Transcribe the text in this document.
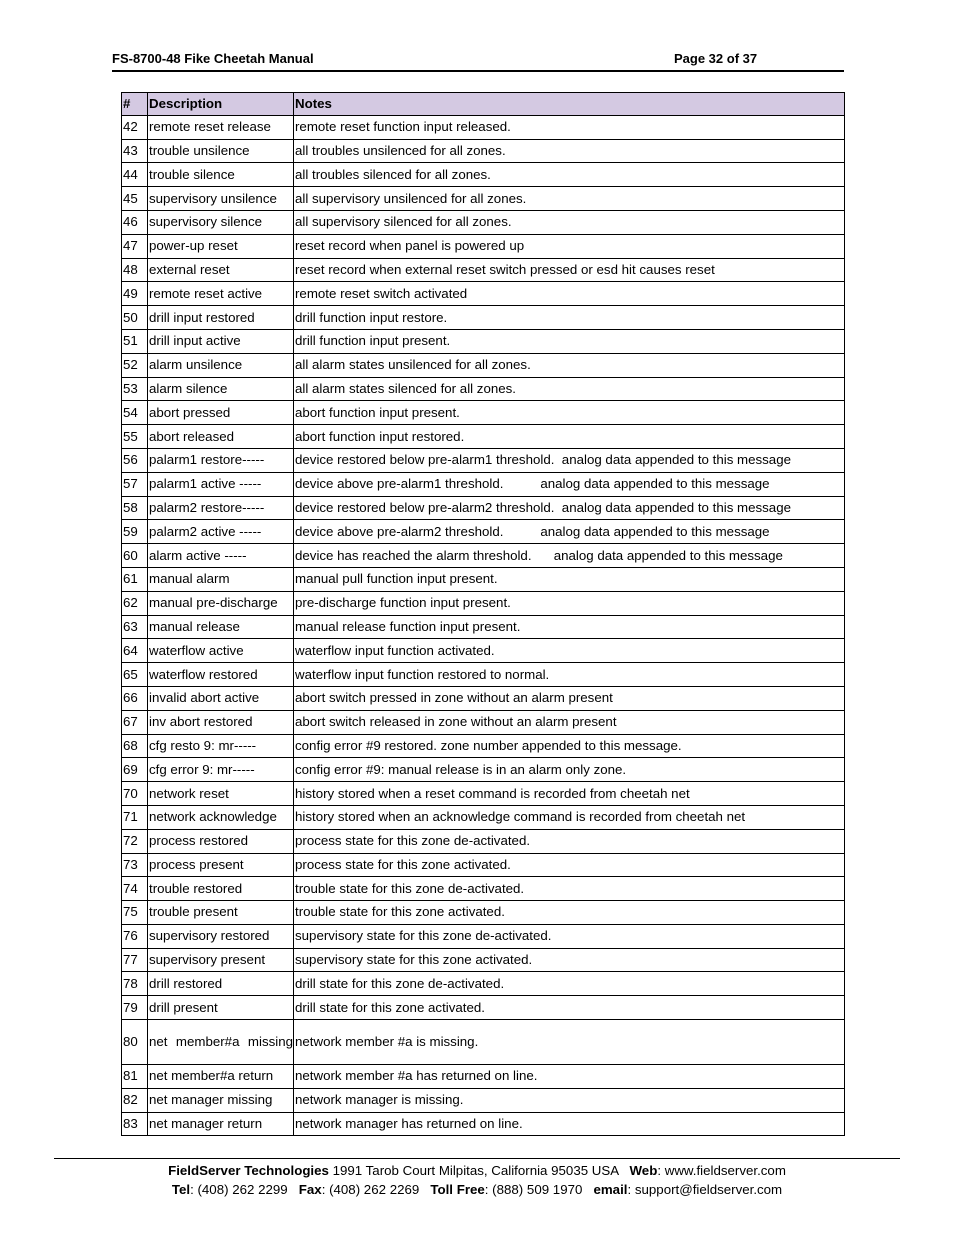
FS-8700-48 Fike Cheetah Manual	Page 32 of 37
#	Description	Notes
42	remote reset release	remote reset function input released.
43	trouble unsilence	all troubles unsilenced for all zones.
44	trouble silence	all troubles silenced for all zones.
45	supervisory unsilence	all supervisory unsilenced for all zones.
46	supervisory silence	all supervisory silenced for all zones.
47	power-up reset	reset record when panel is powered up
48	external reset	reset record when external reset switch pressed or esd hit causes reset
49	remote reset active	remote reset switch activated
50	drill input restored	drill function input restore.
51	drill input active	drill function input present.
52	alarm unsilence	all alarm states unsilenced for all zones.
53	alarm silence	all alarm states silenced for all zones.
54	abort pressed	abort function input present.
55	abort released	abort function input restored.
56	palarm1 restore-----	device restored below pre-alarm1 threshold.  analog data appended to this message
57	palarm1 active -----	device above pre-alarm1 threshold.          analog data appended to this message
58	palarm2 restore-----	device restored below pre-alarm2 threshold.  analog data appended to this message
59	palarm2 active -----	device above pre-alarm2 threshold.          analog data appended to this message
60	alarm active -----	device has reached the alarm threshold.      analog data appended to this message
61	manual alarm	manual pull function input present.
62	manual pre-discharge	pre-discharge function input present.
63	manual release	manual release function input present.
64	waterflow active	waterflow input function activated.
65	waterflow restored	waterflow input function restored to normal.
66	invalid abort active	abort switch pressed in zone without an alarm present
67	inv abort restored	abort switch released in zone without an alarm present
68	cfg resto 9: mr-----	config error #9 restored. zone number appended to this message.
69	cfg error 9: mr-----	config error #9: manual release is in an alarm only zone.
70	network reset	history stored when a reset command is recorded from cheetah net
71	network acknowledge	history stored when an acknowledge command is recorded from cheetah net
72	process restored	process state for this zone de-activated.
73	process present	process state for this zone activated.
74	trouble restored	trouble state for this zone de-activated.
75	trouble present	trouble state for this zone activated.
76	supervisory restored	supervisory state for this zone de-activated.
77	supervisory present	supervisory state for this zone activated.
78	drill restored	drill state for this zone de-activated.
79	drill present	drill state for this zone activated.
80	net member#a missing	network member #a is missing.
81	net member#a return	network member #a has returned on line.
82	net manager missing	network manager is missing.
83	net manager return	network manager has returned on line.
FieldServer Technologies 1991 Tarob Court Milpitas, California 95035 USA   Web: www.fieldserver.com
Tel: (408) 262 2299   Fax: (408) 262 2269   Toll Free: (888) 509 1970   email: support@fieldserver.com
